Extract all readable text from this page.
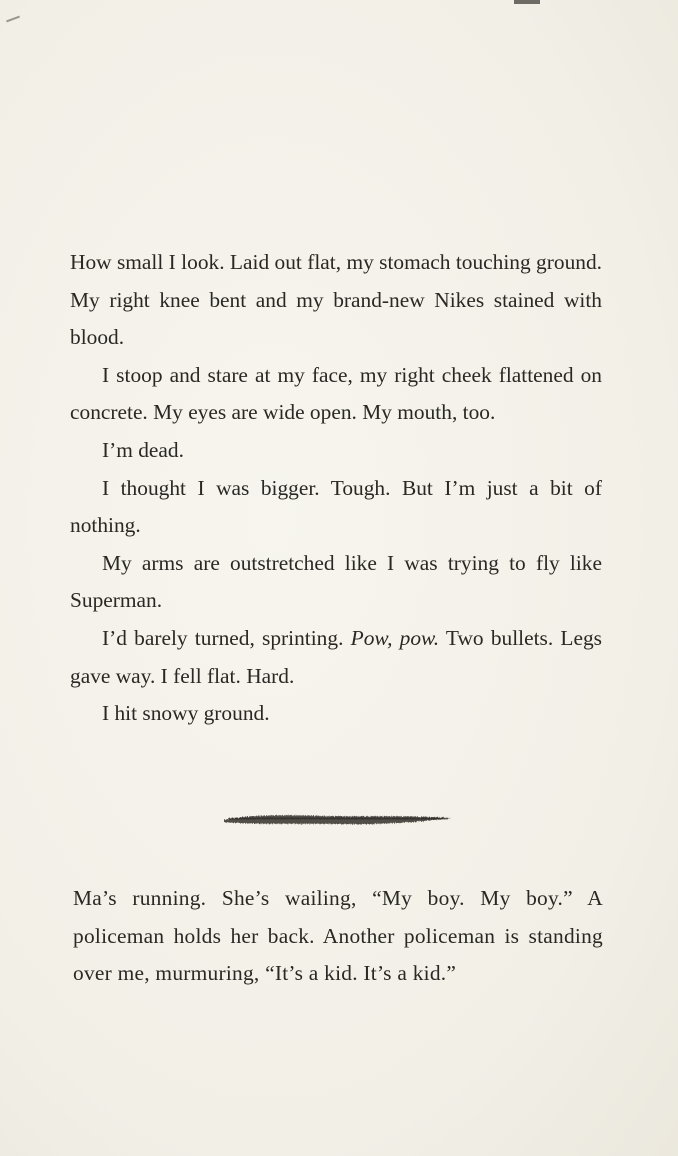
How small I look. Laid out flat, my stomach touching ground. My right knee bent and my brand-new Nikes stained with blood.

I stoop and stare at my face, my right cheek flattened on concrete. My eyes are wide open. My mouth, too.

I’m dead.

I thought I was bigger. Tough. But I’m just a bit of nothing.

My arms are outstretched like I was trying to fly like Superman.

I’d barely turned, sprinting. Pow, pow. Two bullets. Legs gave way. I fell flat. Hard.

I hit snowy ground.

Ma’s running. She’s wailing, “My boy. My boy.” A policeman holds her back. Another policeman is standing over me, murmuring, “It’s a kid. It’s a kid.”
